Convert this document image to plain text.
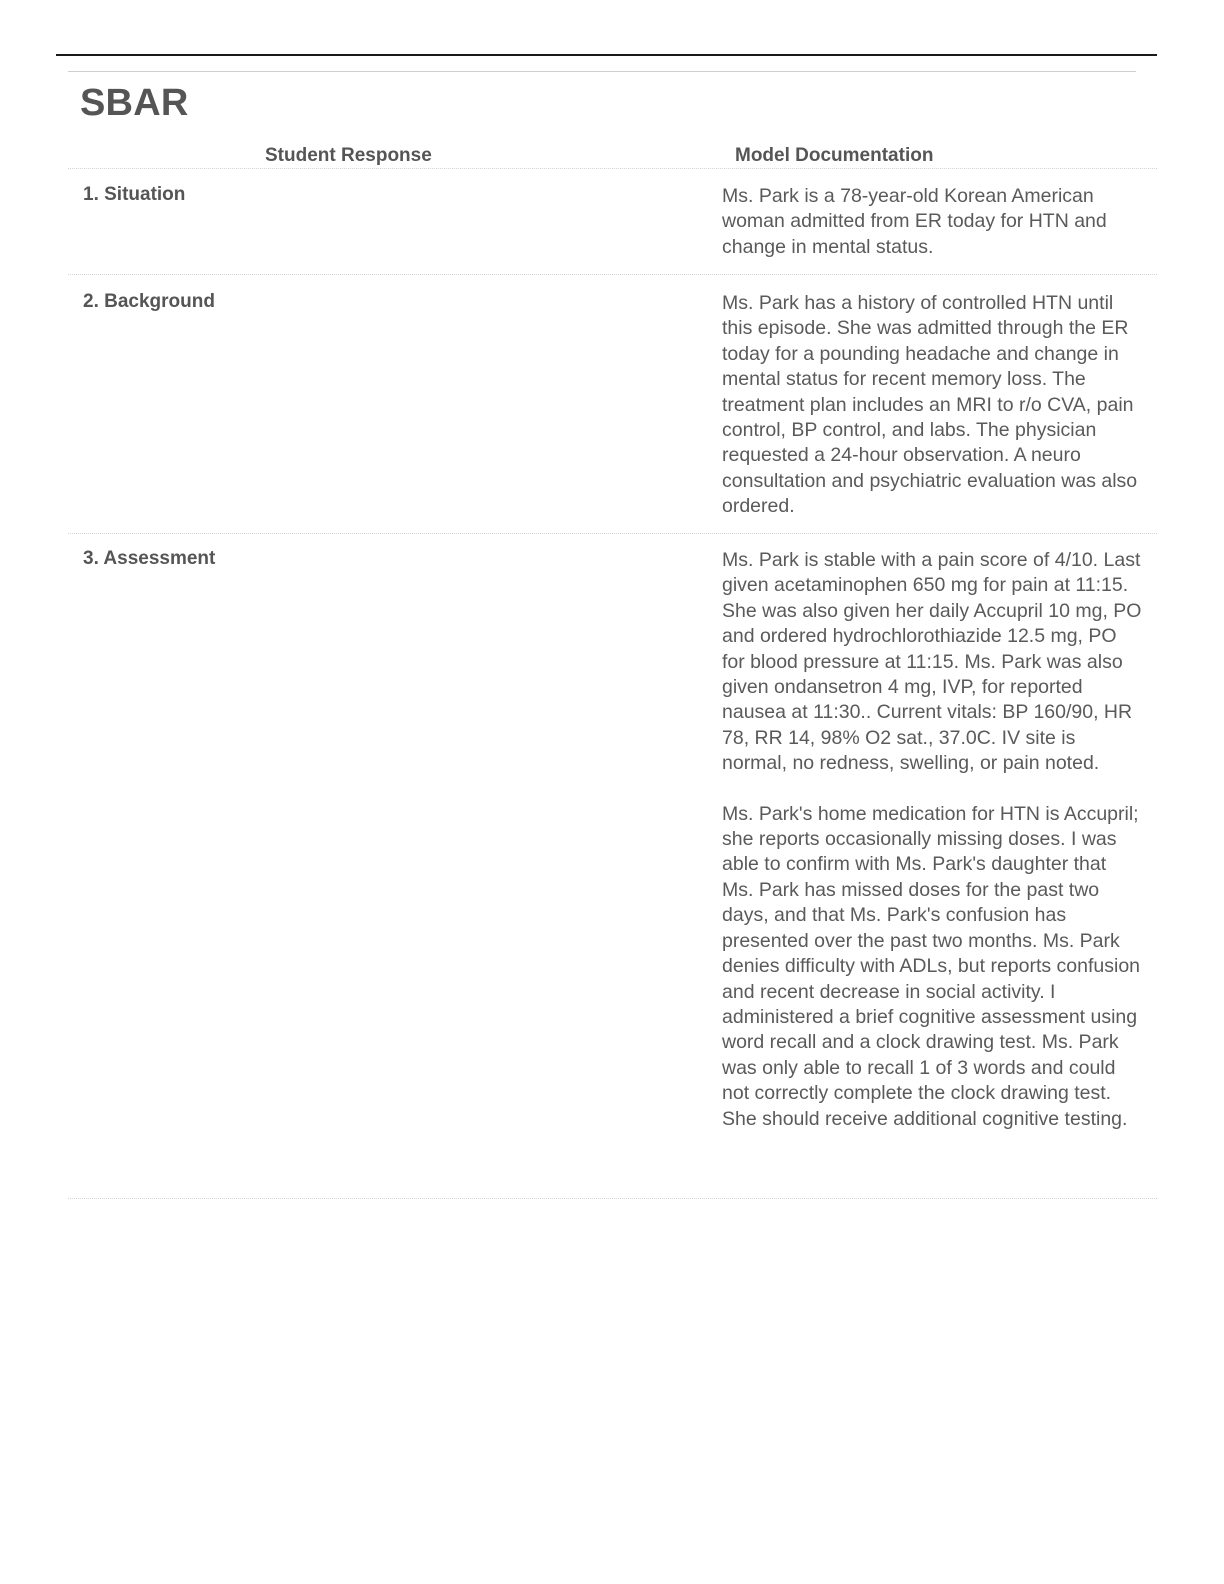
SBAR
Student Response	Model Documentation
1. Situation	Ms. Park is a 78-year-old Korean American woman admitted from ER today for HTN and change in mental status.

2. Background	Ms. Park has a history of controlled HTN until this episode. She was admitted through the ER today for a pounding headache and change in mental status for recent memory loss. The treatment plan includes an MRI to r/o CVA, pain control, BP control, and labs. The physician requested a 24-hour observation. A neuro consultation and psychiatric evaluation was also ordered.

3. Assessment	Ms. Park is stable with a pain score of 4/10. Last given acetaminophen 650 mg for pain at 11:15. She was also given her daily Accupril 10 mg, PO and ordered hydrochlorothiazide 12.5 mg, PO for blood pressure at 11:15. Ms. Park was also given ondansetron 4 mg, IVP, for reported nausea at 11:30.. Current vitals: BP 160/90, HR 78, RR 14, 98% O2 sat., 37.0C. IV site is normal, no redness, swelling, or pain noted.

Ms. Park's home medication for HTN is Accupril; she reports occasionally missing doses. I was able to confirm with Ms. Park's daughter that Ms. Park has missed doses for the past two days, and that Ms. Park's confusion has presented over the past two months. Ms. Park denies difficulty with ADLs, but reports confusion and recent decrease in social activity. I administered a brief cognitive assessment using word recall and a clock drawing test. Ms. Park was only able to recall 1 of 3 words and could not correctly complete the clock drawing test. She should receive additional cognitive testing.
